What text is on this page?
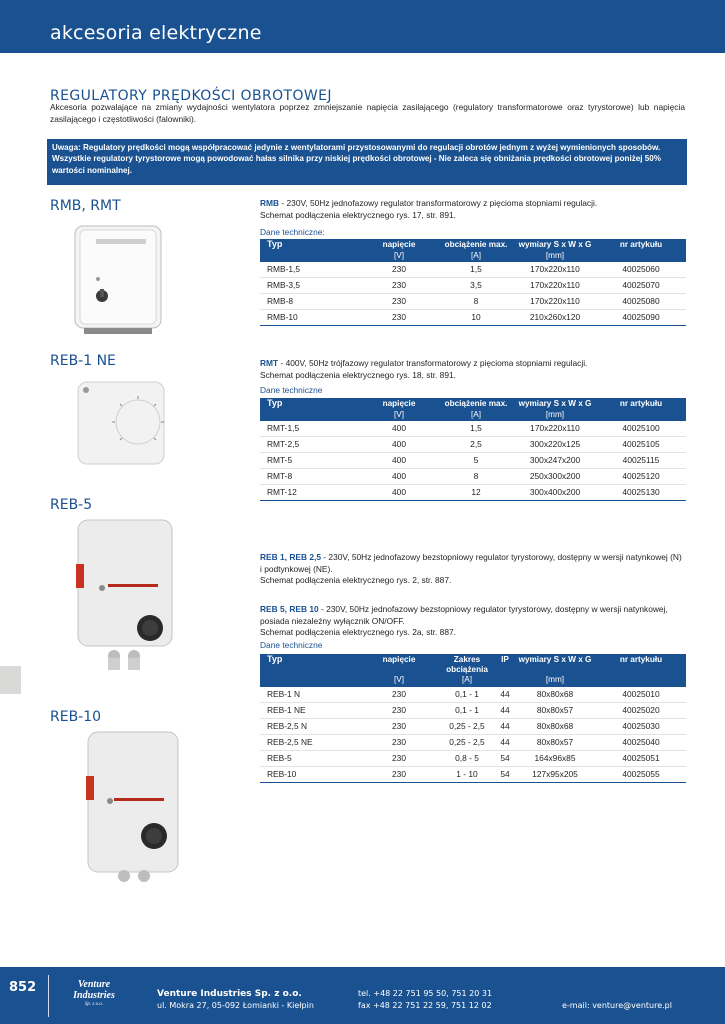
akcesoria elektryczne
REGULATORY PRĘDKOŚCI OBROTOWEJ
Akcesoria pozwalające na zmiany wydajności wentylatora poprzez zmniejszanie napięcia zasilającego (regulatory transformatorowe oraz tyrystorowe) lub napięcia zasilającego i częstotliwości (falowniki).
Uwaga: Regulatory prędkości mogą współpracować jedynie z wentylatorami przystosowanymi do regulacji obrotów jednym z wyżej wymienionych sposobów.
Wszystkie regulatory tyrystorowe mogą powodować hałas silnika przy niskiej prędkości obrotowej - Nie zaleca się obniżania prędkości obrotowej poniżej 50%
wartości nominalnej.
RMB, RMT
REB-1 NE
REB-5
REB-10
RMB - 230V, 50Hz jednofazowy regulator transformatorowy z pięcioma stopniami regulacji.
Schemat podłączenia elektrycznego rys. 17, str. 891.
Dane techniczne:
Typ	napięcie	obciążenie max.	wymiary S x W x G	nr artykułu
	[V]	[A]	[mm]	
RMB-1,5	230	1,5	170x220x110	40025060
RMB-3,5	230	3,5	170x220x110	40025070
RMB-8	230	8	170x220x110	40025080
RMB-10	230	10	210x260x120	40025090
RMT - 400V, 50Hz trójfazowy regulator transformatorowy z pięcioma stopniami regulacji.
Schemat podłączenia elektrycznego rys. 18, str. 891.
Dane techniczne
Typ	napięcie	obciążenie max.	wymiary S x W x G	nr artykułu
	[V]	[A]	[mm]	
RMT-1,5	400	1,5	170x220x110	40025100
RMT-2,5	400	2,5	300x220x125	40025105
RMT-5	400	5	300x247x200	40025115
RMT-8	400	8	250x300x200	40025120
RMT-12	400	12	300x400x200	40025130
REB 1, REB 2,5 - 230V, 50Hz jednofazowy bezstopniowy regulator tyrystorowy, dostępny w wersji natynkowej (N)
i podtynkowej (NE).
Schemat podłączenia elektrycznego rys. 2, str. 887.
REB 5, REB 10 - 230V, 50Hz jednofazowy bezstopniowy regulator tyrystorowy, dostępny w wersji natynkowej,
posiada niezależny wyłącznik ON/OFF.
Schemat podłączenia elektrycznego rys. 2a, str. 887.
Dane techniczne
Typ	napięcie	Zakres obciążenia	IP	wymiary S x W x G	nr artykułu
	[V]	[A]		[mm]	
REB-1 N	230	0,1 - 1	44	80x80x68	40025010
REB-1 NE	230	0,1 - 1	44	80x80x57	40025020
REB-2,5 N	230	0,25 - 2,5	44	80x80x68	40025030
REB-2,5 NE	230	0,25 - 2,5	44	80x80x57	40025040
REB-5	230	0,8 - 5	54	164x96x85	40025051
REB-10	230	1 - 10	54	127x95x205	40025055
852	Venture
Industries
Sp. z o.o.
Venture Industries Sp. z o.o.
ul. Mokra 27, 05-092 Łomianki - Kiełpin
tel. +48 22 751 95 50, 751 20 31
fax +48 22 751 22 59, 751 12 02	e-mail: venture@venture.pl
